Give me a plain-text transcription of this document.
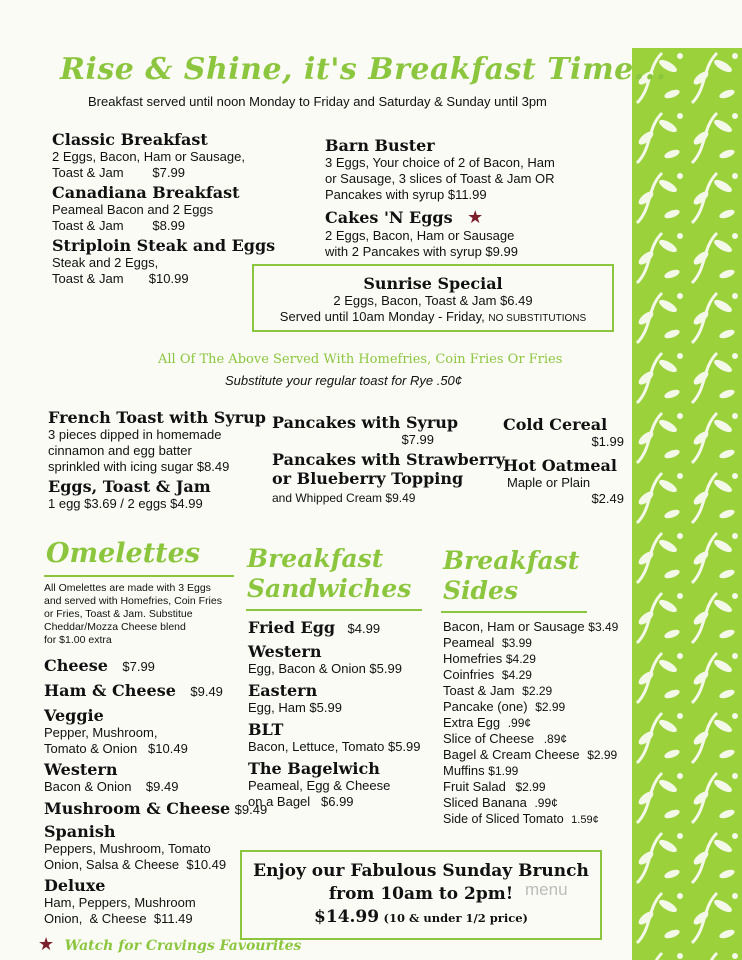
Rise & Shine, it's Breakfast Time...
Breakfast served until noon Monday to Friday and Saturday & Sunday until 3pm
Classic Breakfast
2 Eggs, Bacon, Ham or Sausage,
Toast & Jam        $7.99
Canadiana Breakfast
Peameal Bacon and 2 Eggs
Toast & Jam        $8.99
Striploin Steak and Eggs
Steak and 2 Eggs,
Toast & Jam       $10.99
Barn Buster
3 Eggs, Your choice of 2 of Bacon, Ham
or Sausage, 3 slices of Toast & Jam OR
Pancakes with syrup $11.99
Cakes 'N Eggs ★
2 Eggs, Bacon, Ham or Sausage
with 2 Pancakes with syrup $9.99
Sunrise Special
2 Eggs, Bacon, Toast & Jam $6.49
Served until 10am Monday - Friday, NO SUBSTITUTIONS
All Of The Above Served With Homefries, Coin Fries Or Fries
Substitute your regular toast for Rye .50¢
French Toast with Syrup
3 pieces dipped in homemade
cinnamon and egg batter
sprinkled with icing sugar $8.49
Eggs, Toast & Jam
1 egg $3.69 / 2 eggs $4.99
Pancakes with Syrup
$7.99
Pancakes with Strawberry
or Blueberry Topping
and Whipped Cream $9.49
Cold Cereal
$1.99
Hot Oatmeal
Maple or Plain
$2.49
Omelettes
All Omelettes are made with 3 Eggs
and served with Homefries, Coin Fries
or Fries, Toast & Jam. Substitue
Cheddar/Mozza Cheese blend
for $1.00 extra
Cheese $7.99
Ham & Cheese $9.49
Veggie
Pepper, Mushroom,
Tomato & Onion   $10.49
Western
Bacon & Onion    $9.49
Mushroom & Cheese $9.49
Spanish
Peppers, Mushroom, Tomato
Onion, Salsa & Cheese  $10.49
Deluxe
Ham, Peppers, Mushroom
Onion,  & Cheese  $11.49
★ Watch for Cravings Favourites
Breakfast
Sandwiches
Fried Egg $4.99
Western
Egg, Bacon & Onion $5.99
Eastern
Egg, Ham $5.99
BLT
Bacon, Lettuce, Tomato $5.99
The Bagelwich
Peameal, Egg & Cheese
on a Bagel   $6.99
Breakfast
Sides
Bacon, Ham or Sausage $3.49
Peameal $3.99
Homefries $4.29
Coinfries $4.29
Toast & Jam $2.29
Pancake (one) $2.99
Extra Egg .99¢
Slice of Cheese .89¢
Bagel & Cream Cheese $2.99
Muffins $1.99
Fruit Salad $2.99
Sliced Banana .99¢
Side of Sliced Tomato 1.59¢
Enjoy our Fabulous Sunday Brunch
from 10am to 2pm!
$14.99 (10 & under 1/2 price)
menu
